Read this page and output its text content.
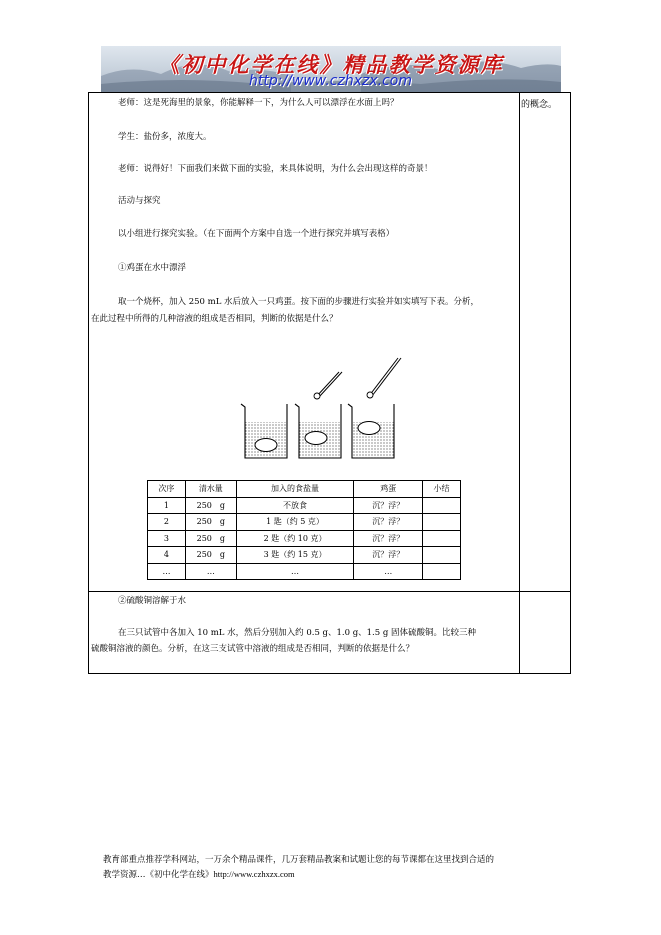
《初中化学在线》精品教学资源库
http://www.czhxzx.com
的概念。
老师：这是死海里的景象，你能解释一下，为什么人可以漂浮在水面上吗？
学生：盐份多，浓度大。
老师：说得好！下面我们来做下面的实验，来具体说明，为什么会出现这样的奇景！
活动与探究
以小组进行探究实验。（在下面两个方案中自选一个进行探究并填写表格）
①鸡蛋在水中漂浮
取一个烧杯，加入 250 mL 水后放入一只鸡蛋。按下面的步骤进行实验并如实填写下表。分析，
在此过程中所得的几种溶液的组成是否相同，判断的依据是什么？
次序	清水量	加入的食盐量	鸡蛋	小结
1	250　g	不放食	沉？浮？	
2	250　g	1 匙（约 5 克）	沉？浮？	
3	250　g	2 匙（约 10 克）	沉？浮？	
4	250　g	3 匙（约 15 克）	沉？浮？	
…	…	…	…	
②硫酸铜溶解于水
在三只试管中各加入 10 mL 水，然后分别加入约 0.5 g、1.0 g、1.5 g 固体硫酸铜。比较三种
硫酸铜溶液的颜色。分析，在这三支试管中溶液的组成是否相同，判断的依据是什么？
教育部重点推荐学科网站，一万余个精品课件，几万套精品教案和试题让您的每节课都在这里找到合适的
教学资源…《初中化学在线》http://www.czhxzx.com
